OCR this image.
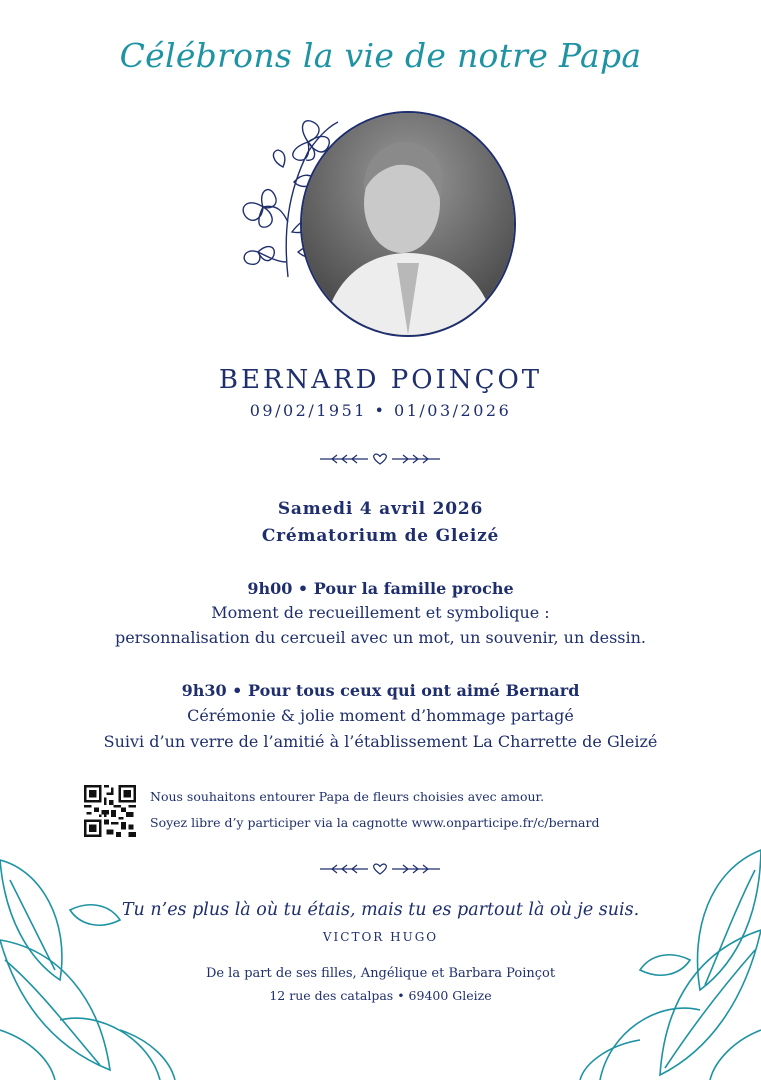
Célébrons la vie de notre Papa
BERNARD POINÇOT
09/02/1951 • 01/03/2026
Samedi 4 avril 2026
Crématorium de Gleizé
9h00 • Pour la famille proche
Moment de recueillement et symbolique :
personnalisation du cercueil avec un mot, un souvenir, un dessin.
9h30 • Pour tous ceux qui ont aimé Bernard
Cérémonie & jolie moment d’hommage partagé
Suivi d’un verre de l’amitié à l’établissement La Charrette de Gleizé
Nous souhaitons entourer Papa de fleurs choisies avec amour.
Soyez libre d’y participer via la cagnotte www.onparticipe.fr/c/bernard
Tu n’es plus là où tu étais, mais tu es partout là où je suis.
VICTOR HUGO
De la part de ses filles, Angélique et Barbara Poinçot
12 rue des catalpas • 69400 Gleize
